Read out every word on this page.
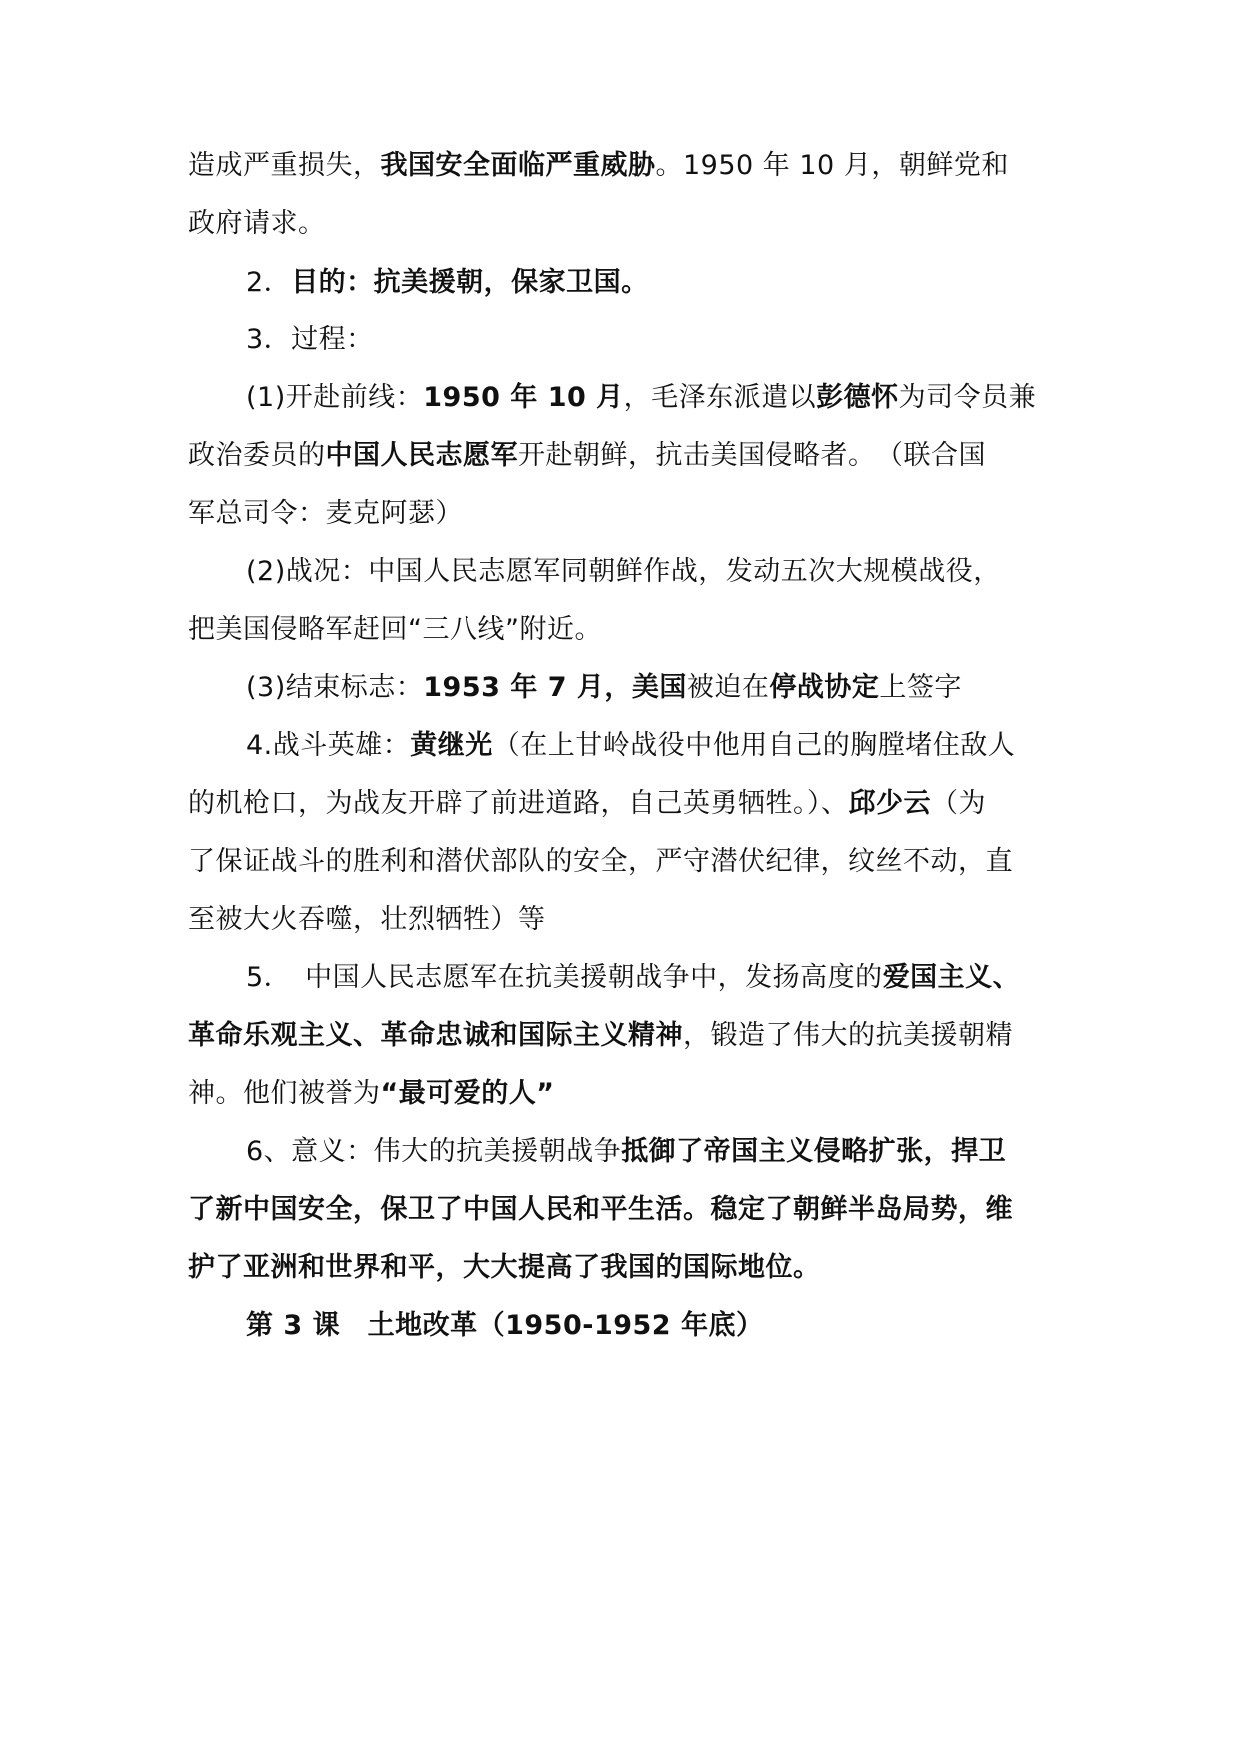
造成严重损失，我国安全面临严重威胁。1950 年 10 月，朝鲜党和
政府请求。
2．目的：抗美援朝，保家卫国。
3．过程：
(1)开赴前线：1950 年 10 月，毛泽东派遣以彭德怀为司令员兼
政治委员的中国人民志愿军开赴朝鲜，抗击美国侵略者。　（联合国
军总司令：麦克阿瑟）
(2)战况：中国人民志愿军同朝鲜作战，发动五次大规模战役，
把美国侵略军赶回“三八线”附近。
(3)结束标志：1953 年 7 月，美国被迫在停战协定上签字
4.战斗英雄：黄继光（在上甘岭战役中他用自己的胸膛堵住敌人
的机枪口，为战友开辟了前进道路，自己英勇牺牲。）、邱少云（为
了保证战斗的胜利和潜伏部队的安全，严守潜伏纪律，纹丝不动，直
至被大火吞噬，壮烈牺牲）等
5．　中国人民志愿军在抗美援朝战争中，发扬高度的爱国主义、
革命乐观主义、革命忠诚和国际主义精神，锻造了伟大的抗美援朝精
神。他们被誉为“最可爱的人”
6、意义：伟大的抗美援朝战争抵御了帝国主义侵略扩张，捍卫
了新中国安全，保卫了中国人民和平生活。稳定了朝鲜半岛局势，维
护了亚洲和世界和平，大大提高了我国的国际地位。
第 3 课　土地改革（1950-1952 年底）
